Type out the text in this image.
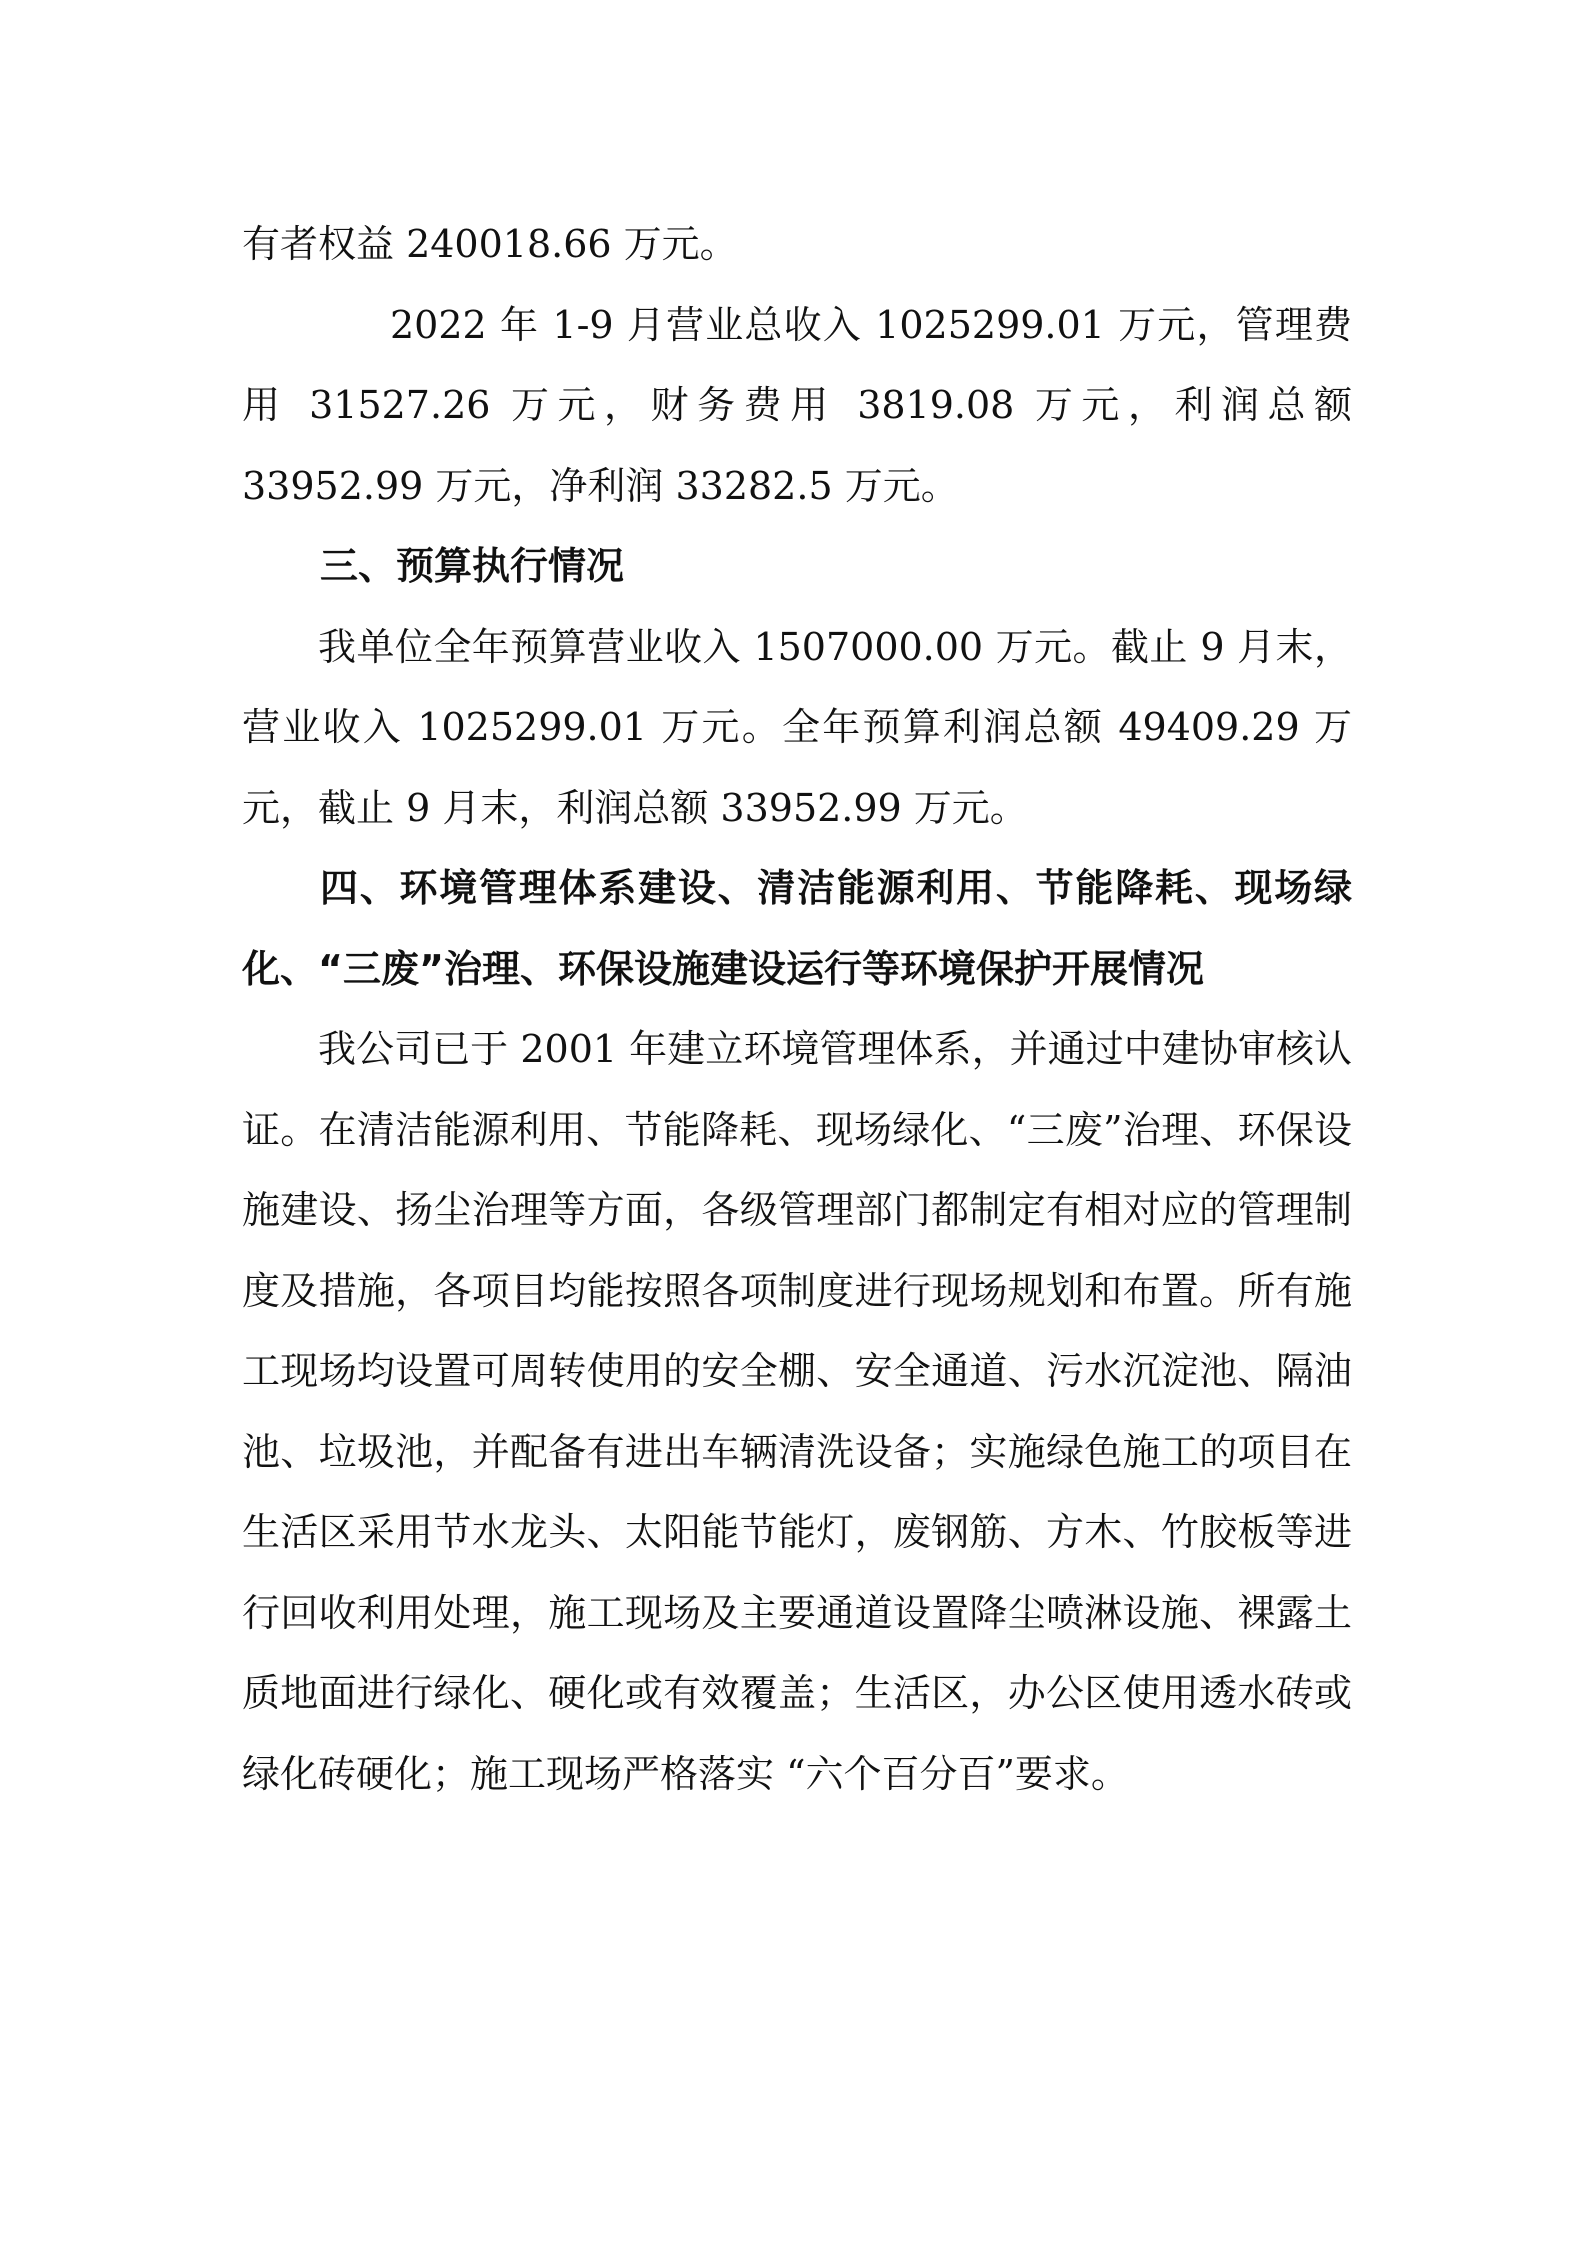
有者权益 240018.66 万元。

2022 年 1-9 月营业总收入 1025299.01 万元，管理费用 31527.26 万元，财务费用 3819.08 万元，利润总额 33952.99 万元，净利润 33282.5 万元。

三、预算执行情况

我单位全年预算营业收入 1507000.00 万元。截止 9 月末，营业收入 1025299.01 万元。全年预算利润总额 49409.29 万元，截止 9 月末，利润总额 33952.99 万元。

四、环境管理体系建设、清洁能源利用、节能降耗、现场绿化、“三废”治理、环保设施建设运行等环境保护开展情况

我公司已于 2001 年建立环境管理体系，并通过中建协审核认证。在清洁能源利用、节能降耗、现场绿化、“三废”治理、环保设施建设、扬尘治理等方面，各级管理部门都制定有相对应的管理制度及措施，各项目均能按照各项制度进行现场规划和布置。所有施工现场均设置可周转使用的安全棚、安全通道、污水沉淀池、隔油池、垃圾池，并配备有进出车辆清洗设备；实施绿色施工的项目在生活区采用节水龙头、太阳能节能灯，废钢筋、方木、竹胶板等进行回收利用处理，施工现场及主要通道设置降尘喷淋设施、裸露土质地面进行绿化、硬化或有效覆盖；生活区，办公区使用透水砖或绿化砖硬化；施工现场严格落实 “六个百分百”要求。
